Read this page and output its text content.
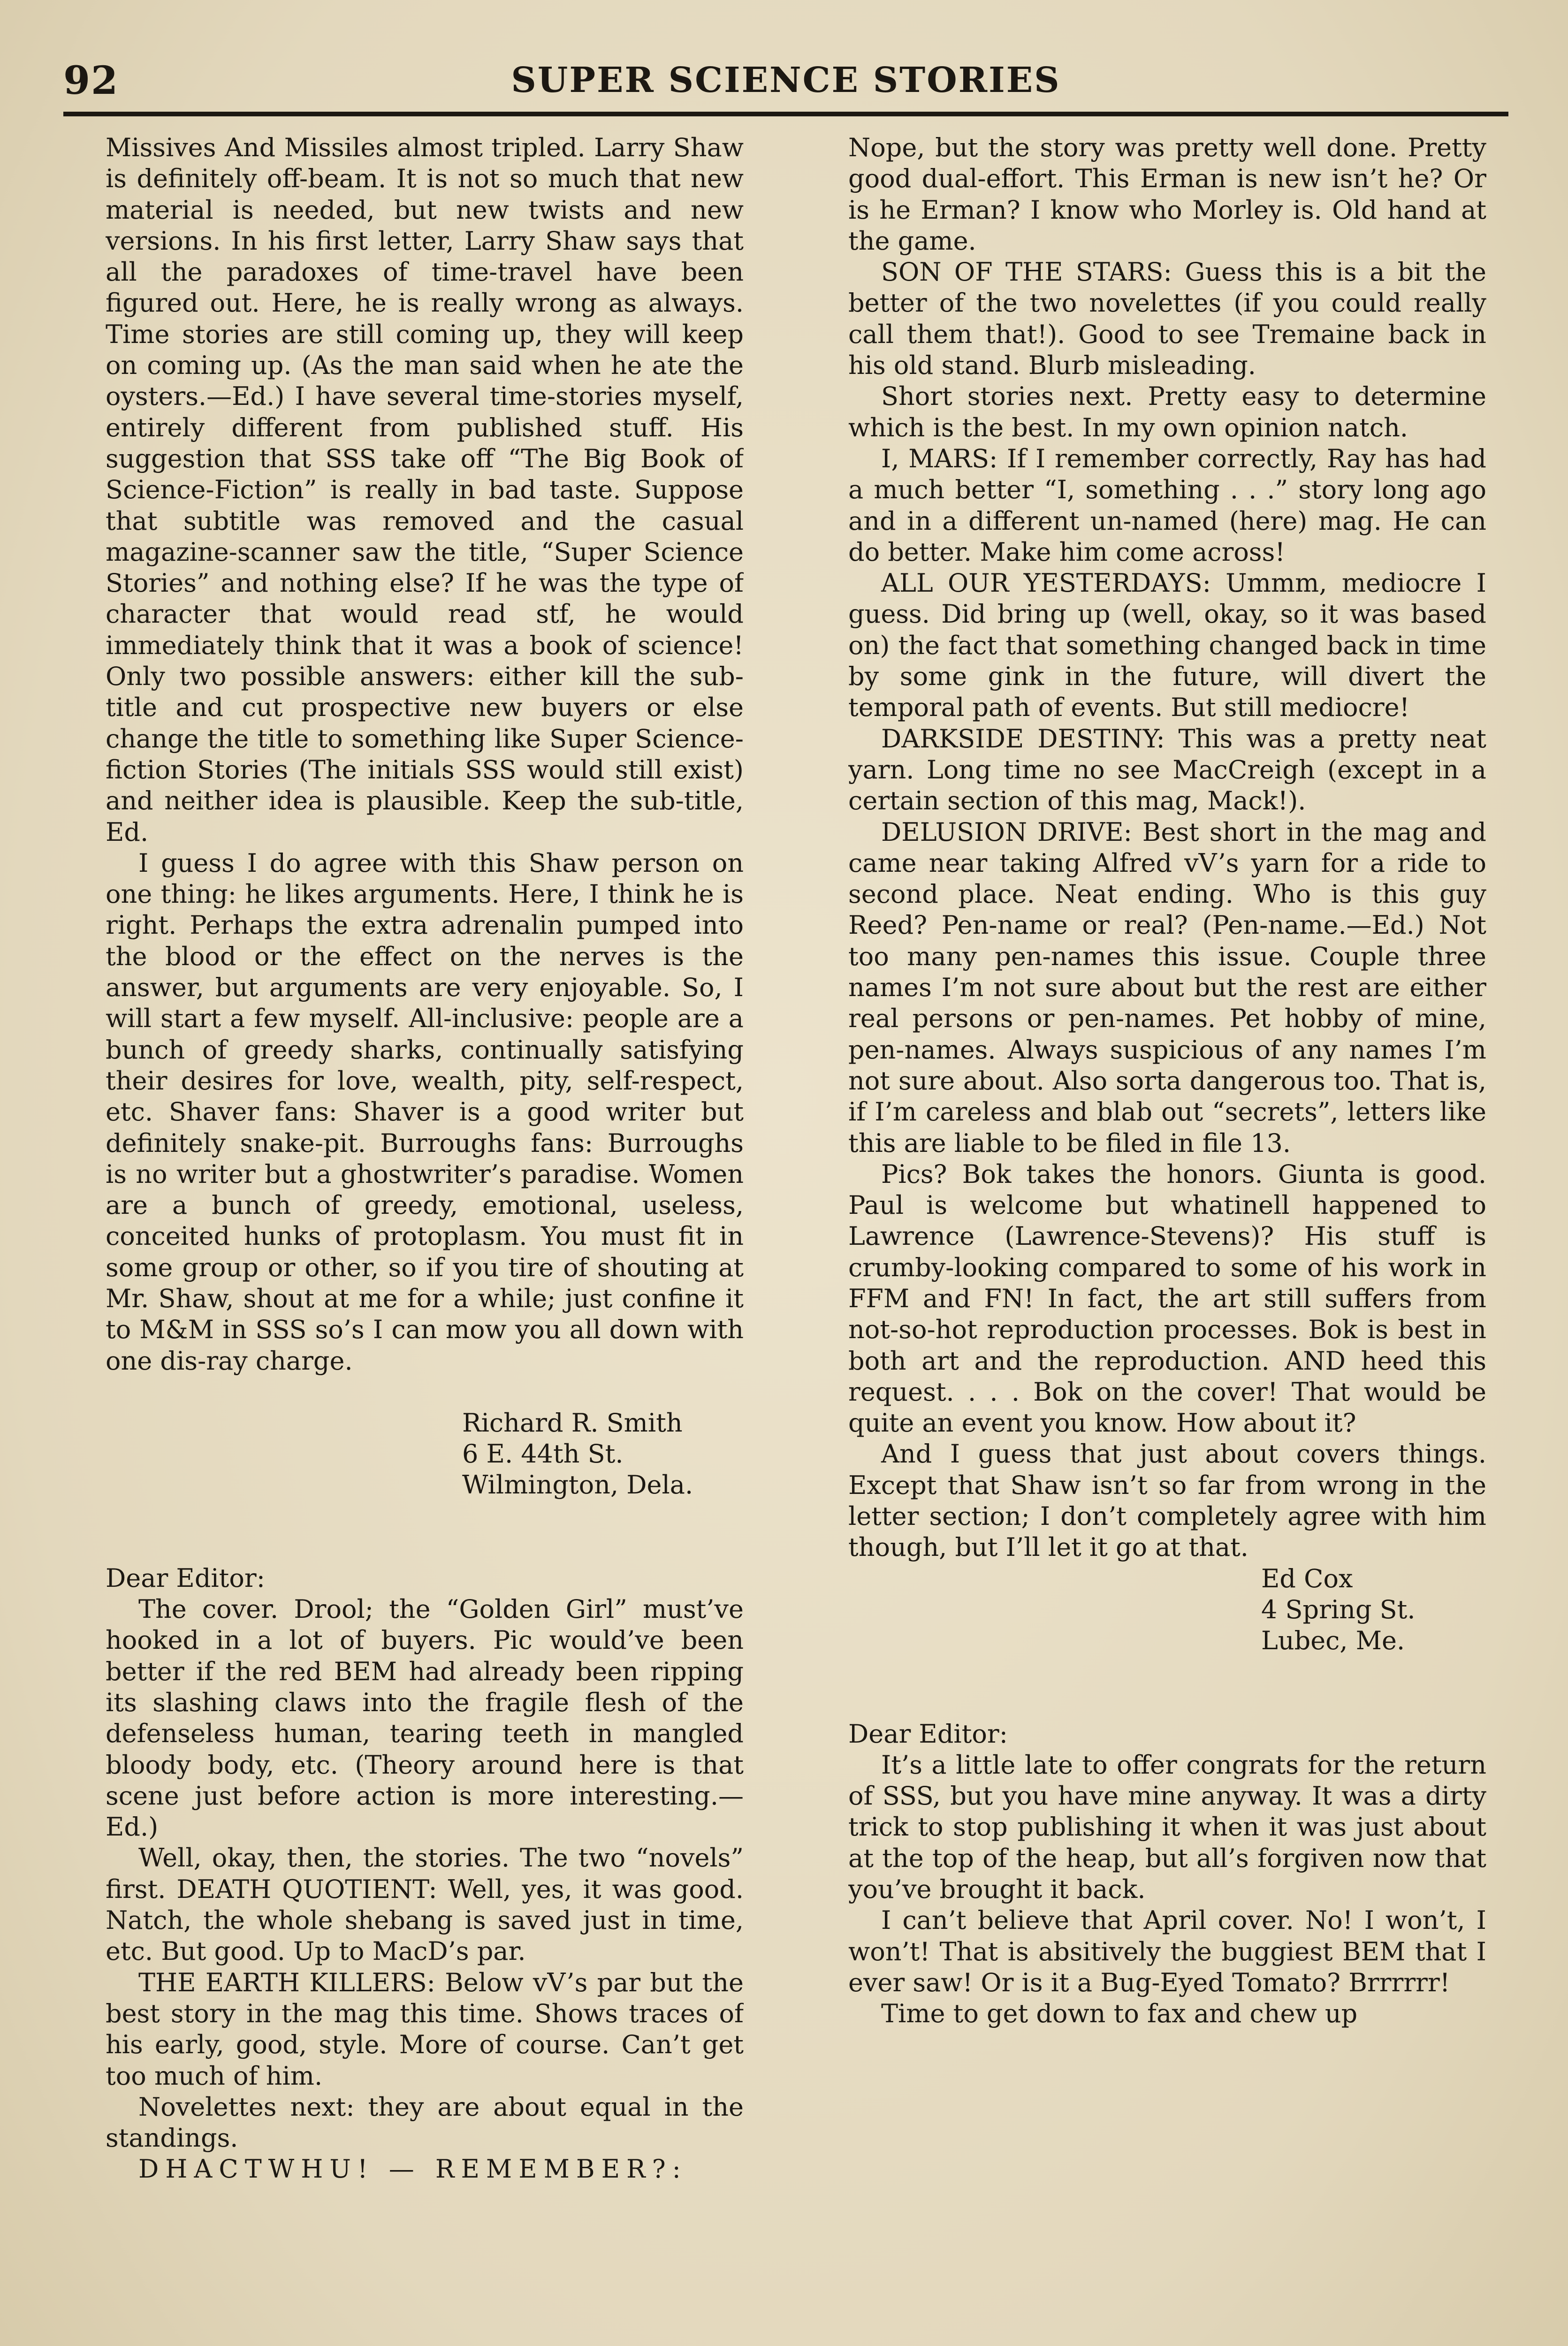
92	SUPER SCIENCE STORIES

Missives And Missiles almost tripled. Larry Shaw is definitely off-beam. It is not so much that new material is needed, but new twists and new versions. In his first letter, Larry Shaw says that all the paradoxes of time-travel have been figured out. Here, he is really wrong as always. Time stories are still coming up, they will keep on coming up. (As the man said when he ate the oysters.—Ed.) I have several time-stories myself, entirely different from published stuff. His suggestion that SSS take off “The Big Book of Science-Fiction” is really in bad taste. Suppose that subtitle was removed and the casual magazine-scanner saw the title, “Super Science Stories” and nothing else? If he was the type of character that would read stf, he would immediately think that it was a book of science! Only two possible answers: either kill the sub-title and cut prospective new buyers or else change the title to something like Super Science-fiction Stories (The initials SSS would still exist) and neither idea is plausible. Keep the sub-title, Ed.

I guess I do agree with this Shaw person on one thing: he likes arguments. Here, I think he is right. Perhaps the extra adrenalin pumped into the blood or the effect on the nerves is the answer, but arguments are very enjoyable. So, I will start a few myself. All-inclusive: people are a bunch of greedy sharks, continually satisfying their desires for love, wealth, pity, self-respect, etc. Shaver fans: Shaver is a good writer but definitely snake-pit. Burroughs fans: Burroughs is no writer but a ghostwriter’s paradise. Women are a bunch of greedy, emotional, useless, conceited hunks of protoplasm. You must fit in some group or other, so if you tire of shouting at Mr. Shaw, shout at me for a while; just confine it to M&M in SSS so’s I can mow you all down with one dis-ray charge.

Richard R. Smith

6 E. 44th St.

Wilmington, Dela.

Dear Editor:

The cover. Drool; the “Golden Girl” must’ve hooked in a lot of buyers. Pic would’ve been better if the red BEM had already been ripping its slashing claws into the fragile flesh of the defenseless human, tearing teeth in mangled bloody body, etc. (Theory around here is that scene just before action is more interesting.—Ed.)

Well, okay, then, the stories. The two “novels” first. DEATH QUOTIENT: Well, yes, it was good. Natch, the whole shebang is saved just in time, etc. But good. Up to MacD’s par.

THE EARTH KILLERS: Below vV’s par but the best story in the mag this time. Shows traces of his early, good, style. More of course. Can’t get too much of him.

Novelettes next: they are about equal in the standings.

DHACTWHU! — REMEMBER?:

Nope, but the story was pretty well done. Pretty good dual-effort. This Erman is new isn’t he? Or is he Erman? I know who Morley is. Old hand at the game.

SON OF THE STARS: Guess this is a bit the better of the two novelettes (if you could really call them that!). Good to see Tremaine back in his old stand. Blurb misleading.

Short stories next. Pretty easy to determine which is the best. In my own opinion natch.

I, MARS: If I remember correctly, Ray has had a much better “I, something . . .” story long ago and in a different un-named (here) mag. He can do better. Make him come across!

ALL OUR YESTERDAYS: Ummm, mediocre I guess. Did bring up (well, okay, so it was based on) the fact that something changed back in time by some gink in the future, will divert the temporal path of events. But still mediocre!

DARKSIDE DESTINY: This was a pretty neat yarn. Long time no see MacCreigh (except in a certain section of this mag, Mack!).

DELUSION DRIVE: Best short in the mag and came near taking Alfred vV’s yarn for a ride to second place. Neat ending. Who is this guy Reed? Pen-name or real? (Pen-name.—Ed.) Not too many pen-names this issue. Couple three names I’m not sure about but the rest are either real persons or pen-names. Pet hobby of mine, pen-names. Always suspicious of any names I’m not sure about. Also sorta dangerous too. That is, if I’m careless and blab out “secrets”, letters like this are liable to be filed in file 13.

Pics? Bok takes the honors. Giunta is good. Paul is welcome but whatinell happened to Lawrence (Lawrence-Stevens)? His stuff is crumby-looking compared to some of his work in FFM and FN! In fact, the art still suffers from not-so-hot reproduction processes. Bok is best in both art and the reproduction. AND heed this request. . . . Bok on the cover! That would be quite an event you know. How about it?

And I guess that just about covers things. Except that Shaw isn’t so far from wrong in the letter section; I don’t completely agree with him though, but I’ll let it go at that.

Ed Cox

4 Spring St.

Lubec, Me.

Dear Editor:

It’s a little late to offer congrats for the return of SSS, but you have mine anyway. It was a dirty trick to stop publishing it when it was just about at the top of the heap, but all’s forgiven now that you’ve brought it back.

I can’t believe that April cover. No! I won’t, I won’t! That is absitively the buggiest BEM that I ever saw! Or is it a Bug-Eyed Tomato? Brrrrrr!

Time to get down to fax and chew up
